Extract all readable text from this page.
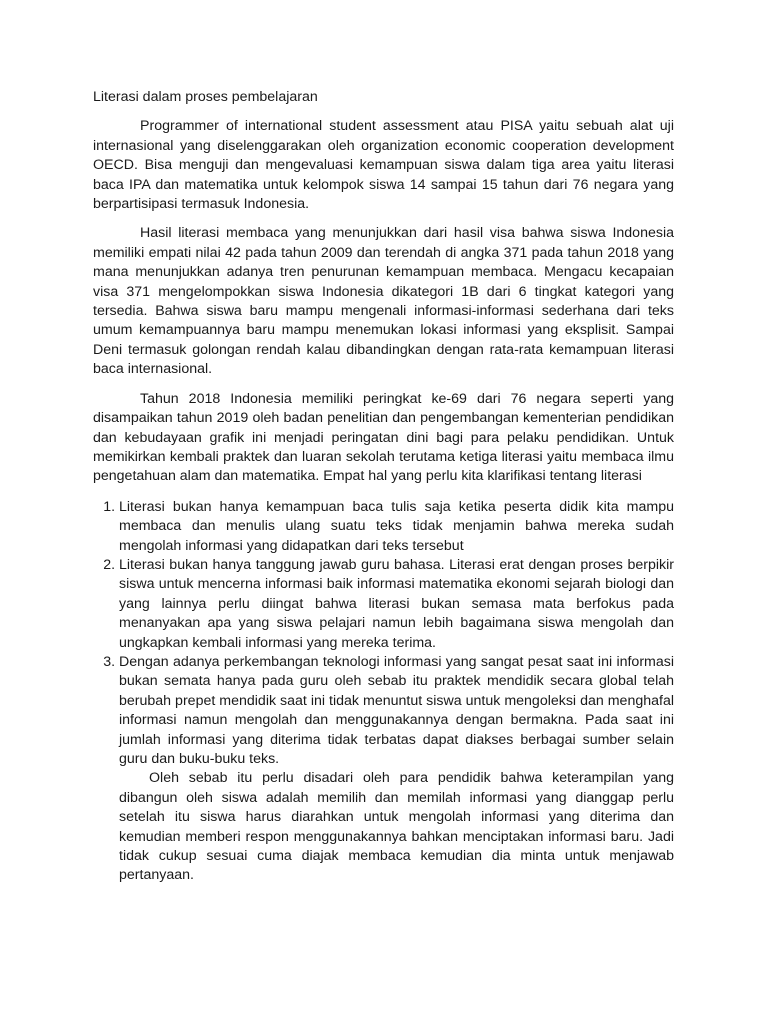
Literasi dalam proses pembelajaran

Programmer of international student assessment atau PISA yaitu sebuah alat uji internasional yang diselenggarakan oleh organization economic cooperation development OECD. Bisa menguji dan mengevaluasi kemampuan siswa dalam tiga area yaitu literasi baca IPA dan matematika untuk kelompok siswa 14 sampai 15 tahun dari 76 negara yang berpartisipasi termasuk Indonesia.

Hasil literasi membaca yang menunjukkan dari hasil visa bahwa siswa Indonesia memiliki empati nilai 42 pada tahun 2009 dan terendah di angka 371 pada tahun 2018 yang mana menunjukkan adanya tren penurunan kemampuan membaca. Mengacu kecapaian visa 371 mengelompokkan siswa Indonesia dikategori 1B dari 6 tingkat kategori yang tersedia. Bahwa siswa baru mampu mengenali informasi-informasi sederhana dari teks umum kemampuannya baru mampu menemukan lokasi informasi yang eksplisit. Sampai Deni termasuk golongan rendah kalau dibandingkan dengan rata-rata kemampuan literasi baca internasional.

Tahun 2018 Indonesia memiliki peringkat ke-69 dari 76 negara seperti yang disampaikan tahun 2019 oleh badan penelitian dan pengembangan kementerian pendidikan dan kebudayaan grafik ini menjadi peringatan dini bagi para pelaku pendidikan. Untuk memikirkan kembali praktek dan luaran sekolah terutama ketiga literasi yaitu membaca ilmu pengetahuan alam dan matematika. Empat hal yang perlu kita klarifikasi tentang literasi

1. Literasi bukan hanya kemampuan baca tulis saja ketika peserta didik kita mampu membaca dan menulis ulang suatu teks tidak menjamin bahwa mereka sudah mengolah informasi yang didapatkan dari teks tersebut
2. Literasi bukan hanya tanggung jawab guru bahasa. Literasi erat dengan proses berpikir siswa untuk mencerna informasi baik informasi matematika ekonomi sejarah biologi dan yang lainnya perlu diingat bahwa literasi bukan semasa mata berfokus pada menanyakan apa yang siswa pelajari namun lebih bagaimana siswa mengolah dan ungkapkan kembali informasi yang mereka terima.
3. Dengan adanya perkembangan teknologi informasi yang sangat pesat saat ini informasi bukan semata hanya pada guru oleh sebab itu praktek mendidik secara global telah berubah prepet mendidik saat ini tidak menuntut siswa untuk mengoleksi dan menghafal informasi namun mengolah dan menggunakannya dengan bermakna. Pada saat ini jumlah informasi yang diterima tidak terbatas dapat diakses berbagai sumber selain guru dan buku-buku teks.

Oleh sebab itu perlu disadari oleh para pendidik bahwa keterampilan yang dibangun oleh siswa adalah memilih dan memilah informasi yang dianggap perlu setelah itu siswa harus diarahkan untuk mengolah informasi yang diterima dan kemudian memberi respon menggunakannya bahkan menciptakan informasi baru. Jadi tidak cukup sesuai cuma diajak membaca kemudian dia minta untuk menjawab pertanyaan.
